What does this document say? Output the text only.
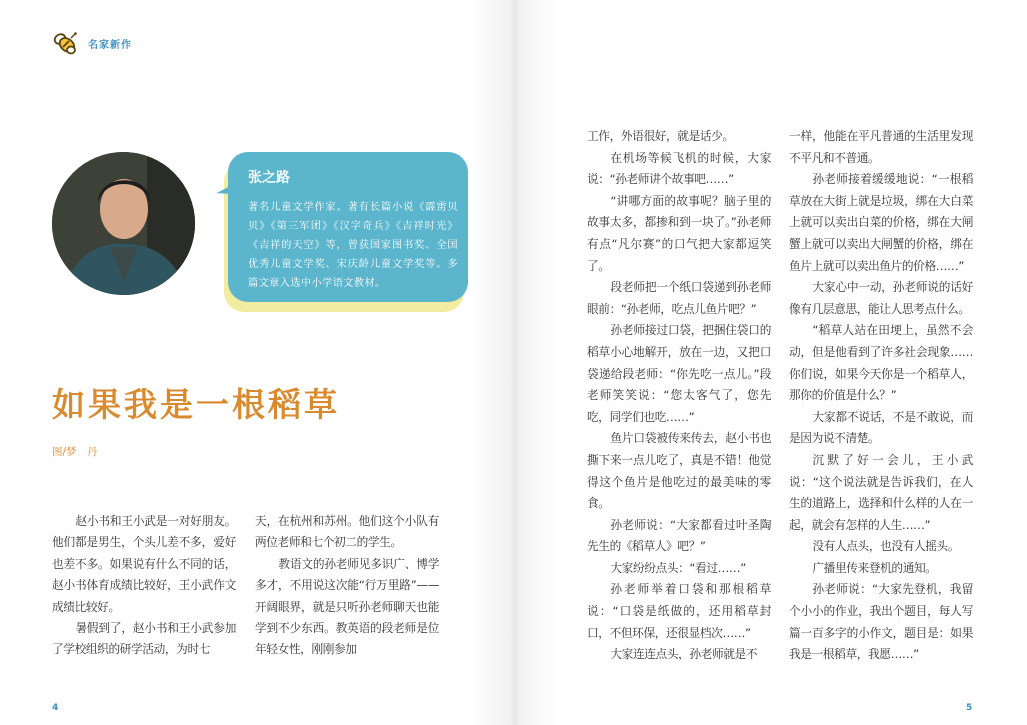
名家新作
张之路
著名儿童文学作家。著有长篇小说《霹雳贝贝》《第三军团》《汉字奇兵》《吉祥时光》《吉祥的天空》等，曾获国家图书奖、全国优秀儿童文学奖、宋庆龄儿童文学奖等。多篇文章入选中小学语文教材。
如果我是一根稻草
图/梦　丹

赵小书和王小武是一对好朋友。他们都是男生，个头儿差不多，爱好也差不多。如果说有什么不同的话，赵小书体育成绩比较好，王小武作文成绩比较好。

暑假到了，赵小书和王小武参加了学校组织的研学活动，为时七

天，在杭州和苏州。他们这个小队有两位老师和七个初二的学生。

教语文的孙老师见多识广、博学多才，不用说这次能“行万里路”——开阔眼界，就是只听孙老师聊天也能学到不少东西。教英语的段老师是位年轻女性，刚刚参加

工作，外语很好，就是话少。

在机场等候飞机的时候，大家说：“孙老师讲个故事吧……”

“讲哪方面的故事呢？脑子里的故事太多，都掺和到一块了。”孙老师有点“凡尔赛”的口气把大家都逗笑了。

段老师把一个纸口袋递到孙老师眼前：“孙老师，吃点儿鱼片吧？”

孙老师接过口袋，把捆住袋口的稻草小心地解开，放在一边，又把口袋递给段老师：“你先吃一点儿。”段老师笑笑说：“您太客气了，您先吃，同学们也吃……”

鱼片口袋被传来传去，赵小书也撕下来一点儿吃了，真是不错！他觉得这个鱼片是他吃过的最美味的零食。

孙老师说：“大家都看过叶圣陶先生的《稻草人》吧？”

大家纷纷点头：“看过……”

孙老师举着口袋和那根稻草说：“口袋是纸做的，还用稻草封口，不但环保，还很显档次……”

大家连连点头，孙老师就是不

一样，他能在平凡普通的生活里发现不平凡和不普通。

孙老师接着缓缓地说：“一根稻草放在大街上就是垃圾，绑在大白菜上就可以卖出白菜的价格，绑在大闸蟹上就可以卖出大闸蟹的价格，绑在鱼片上就可以卖出鱼片的价格……”

大家心中一动，孙老师说的话好像有几层意思，能让人思考点什么。

“稻草人站在田埂上，虽然不会动，但是他看到了许多社会现象……你们说，如果今天你是一个稻草人，那你的价值是什么？”

大家都不说话，不是不敢说，而是因为说不清楚。

沉默了好一会儿，王小武说：“这个说法就是告诉我们，在人生的道路上，选择和什么样的人在一起，就会有怎样的人生……”

没有人点头，也没有人摇头。

广播里传来登机的通知。

孙老师说：“大家先登机，我留个小小的作业，我出个题目，每人写篇一百多字的小作文，题目是：如果我是一根稻草，我愿……”

4	5
